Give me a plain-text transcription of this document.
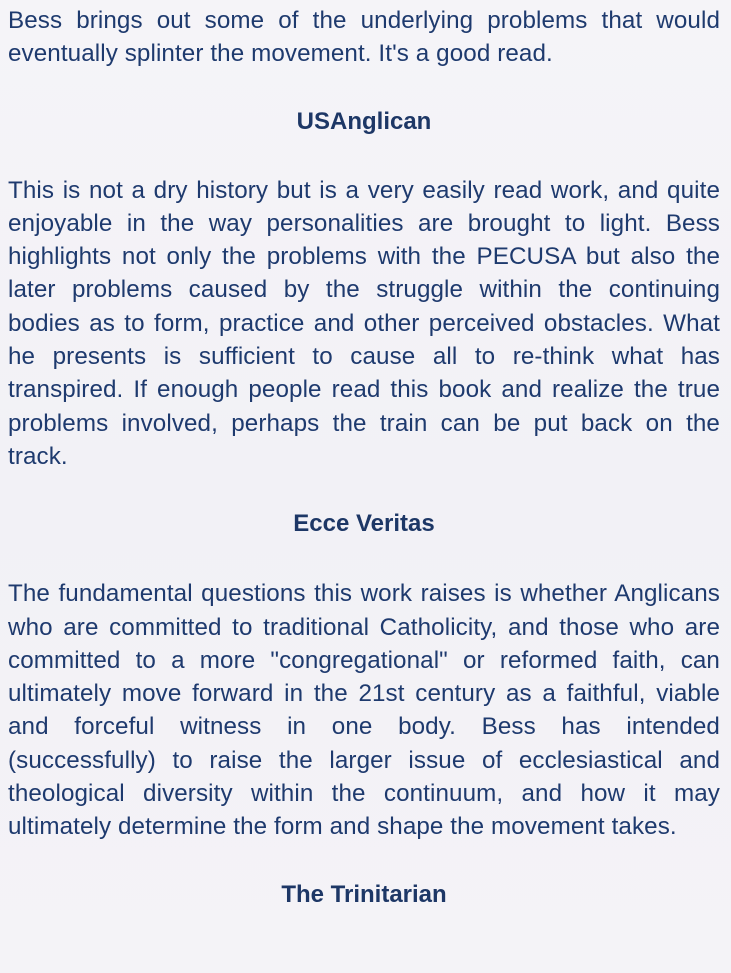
Bess brings out some of the underlying problems that would eventually splinter the movement. It's a good read.

USAnglican

This is not a dry history but is a very easily read work, and quite enjoyable in the way personalities are brought to light. Bess highlights not only the problems with the PECUSA but also the later problems caused by the struggle within the continuing bodies as to form, practice and other perceived obstacles. What he presents is sufficient to cause all to re-think what has transpired. If enough people read this book and realize the true problems involved, perhaps the train can be put back on the track.

Ecce Veritas

The fundamental questions this work raises is whether Anglicans who are committed to traditional Catholicity, and those who are committed to a more "congregational" or reformed faith, can ultimately move forward in the 21st century as a faithful, viable and forceful witness in one body. Bess has intended (successfully) to raise the larger issue of ecclesiastical and theological diversity within the continuum, and how it may ultimately determine the form and shape the movement takes.

The Trinitarian
